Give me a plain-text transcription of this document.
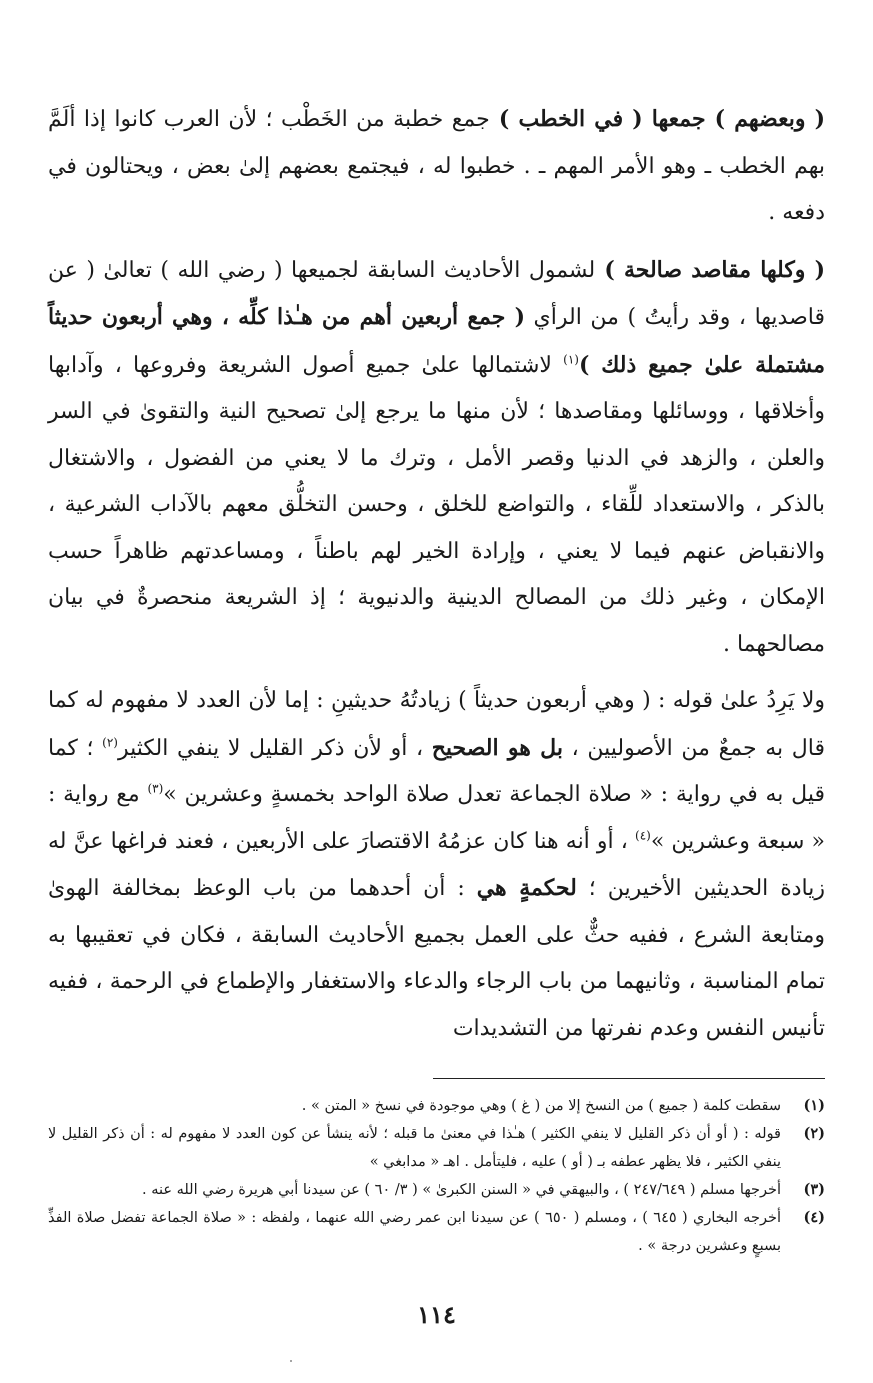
( وبعضهم ) جمعها ( في الخطب ) جمع خطبة من الخَطْب ؛ لأن العرب كانوا إذا ألَمَّ بهم الخطب ـ وهو الأمر المهم ـ . خطبوا له ، فيجتمع بعضهم إلىٰ بعض ، ويحتالون في دفعه .

( وكلها مقاصد صالحة ) لشمول الأحاديث السابقة لجميعها ( رضي الله ) تعالىٰ ( عن قاصديها ، وقد رأيتُ ) من الرأي ( جمع أربعين أهم من هـٰذا كلِّه ، وهي أربعون حديثاً مشتملة علىٰ جميع ذلك )$^{(١)}$ لاشتمالها علىٰ جميع أصول الشريعة وفروعها ، وآدابها وأخلاقها ، ووسائلها ومقاصدها ؛ لأن منها ما يرجع إلىٰ تصحيح النية والتقوىٰ في السر والعلن ، والزهد في الدنيا وقصر الأمل ، وترك ما لا يعني من الفضول ، والاشتغال بالذكر ، والاستعداد للِّقاء ، والتواضع للخلق ، وحسن التخلُّق معهم بالآداب الشرعية ، والانقباض عنهم فيما لا يعني ، وإرادة الخير لهم باطناً ، ومساعدتهم ظاهراً حسب الإمكان ، وغير ذلك من المصالح الدينية والدنيوية ؛ إذ الشريعة منحصرةٌ في بيان مصالحهما .

ولا يَرِدُ علىٰ قوله : ( وهي أربعون حديثاً ) زيادتُهُ حديثينِ : إما لأن العدد لا مفهوم له كما قال به جمعٌ من الأصوليين ، بل هو الصحيح ، أو لأن ذكر القليل لا ينفي الكثير$^{(٢)}$ ؛ كما قيل به في رواية : « صلاة الجماعة تعدل صلاة الواحد بخمسةٍ وعشرين »$^{(٣)}$ مع رواية : « سبعة وعشرين »$^{(٤)}$ ، أو أنه هنا كان عزمُهُ الاقتصارَ على الأربعين ، فعند فراغها عنَّ له زيادة الحديثين الأخيرين ؛ لحكمةٍ هي : أن أحدهما من باب الوعظ بمخالفة الهوىٰ ومتابعة الشرع ، ففيه حثٌّ على العمل بجميع الأحاديث السابقة ، فكان في تعقيبها به تمام المناسبة ، وثانيهما من باب الرجاء والدعاء والاستغفار والإطماع في الرحمة ، ففيه تأنيس النفس وعدم نفرتها من التشديدات

(١)
سقطت كلمة ( جميع ) من النسخ إلا من ( غ ) وهي موجودة في نسخ « المتن » .
(٢)
قوله : ( أو أن ذكر القليل لا ينفي الكثير ) هـٰذا في معنىٰ ما قبله ؛ لأنه ينشأ عن كون العدد لا مفهوم له : أن ذكر القليل لا ينفي الكثير ، فلا يظهر عطفه بـ ( أو ) عليه ، فليتأمل . اهـ « مدابغي »
(٣)
أخرجها مسلم ( ٢٤٧/٦٤٩ ) ، والبيهقي في « السنن الكبرىٰ » ( ٣/ ٦٠ ) عن سيدنا أبي هريرة رضي الله عنه .
(٤)
أخرجه البخاري ( ٦٤٥ ) ، ومسلم ( ٦٥٠ ) عن سيدنا ابن عمر رضي الله عنهما ، ولفظه : « صلاة الجماعة تفضل صلاة الفذِّ بسبعٍ وعشرين درجة » .
١١٤
